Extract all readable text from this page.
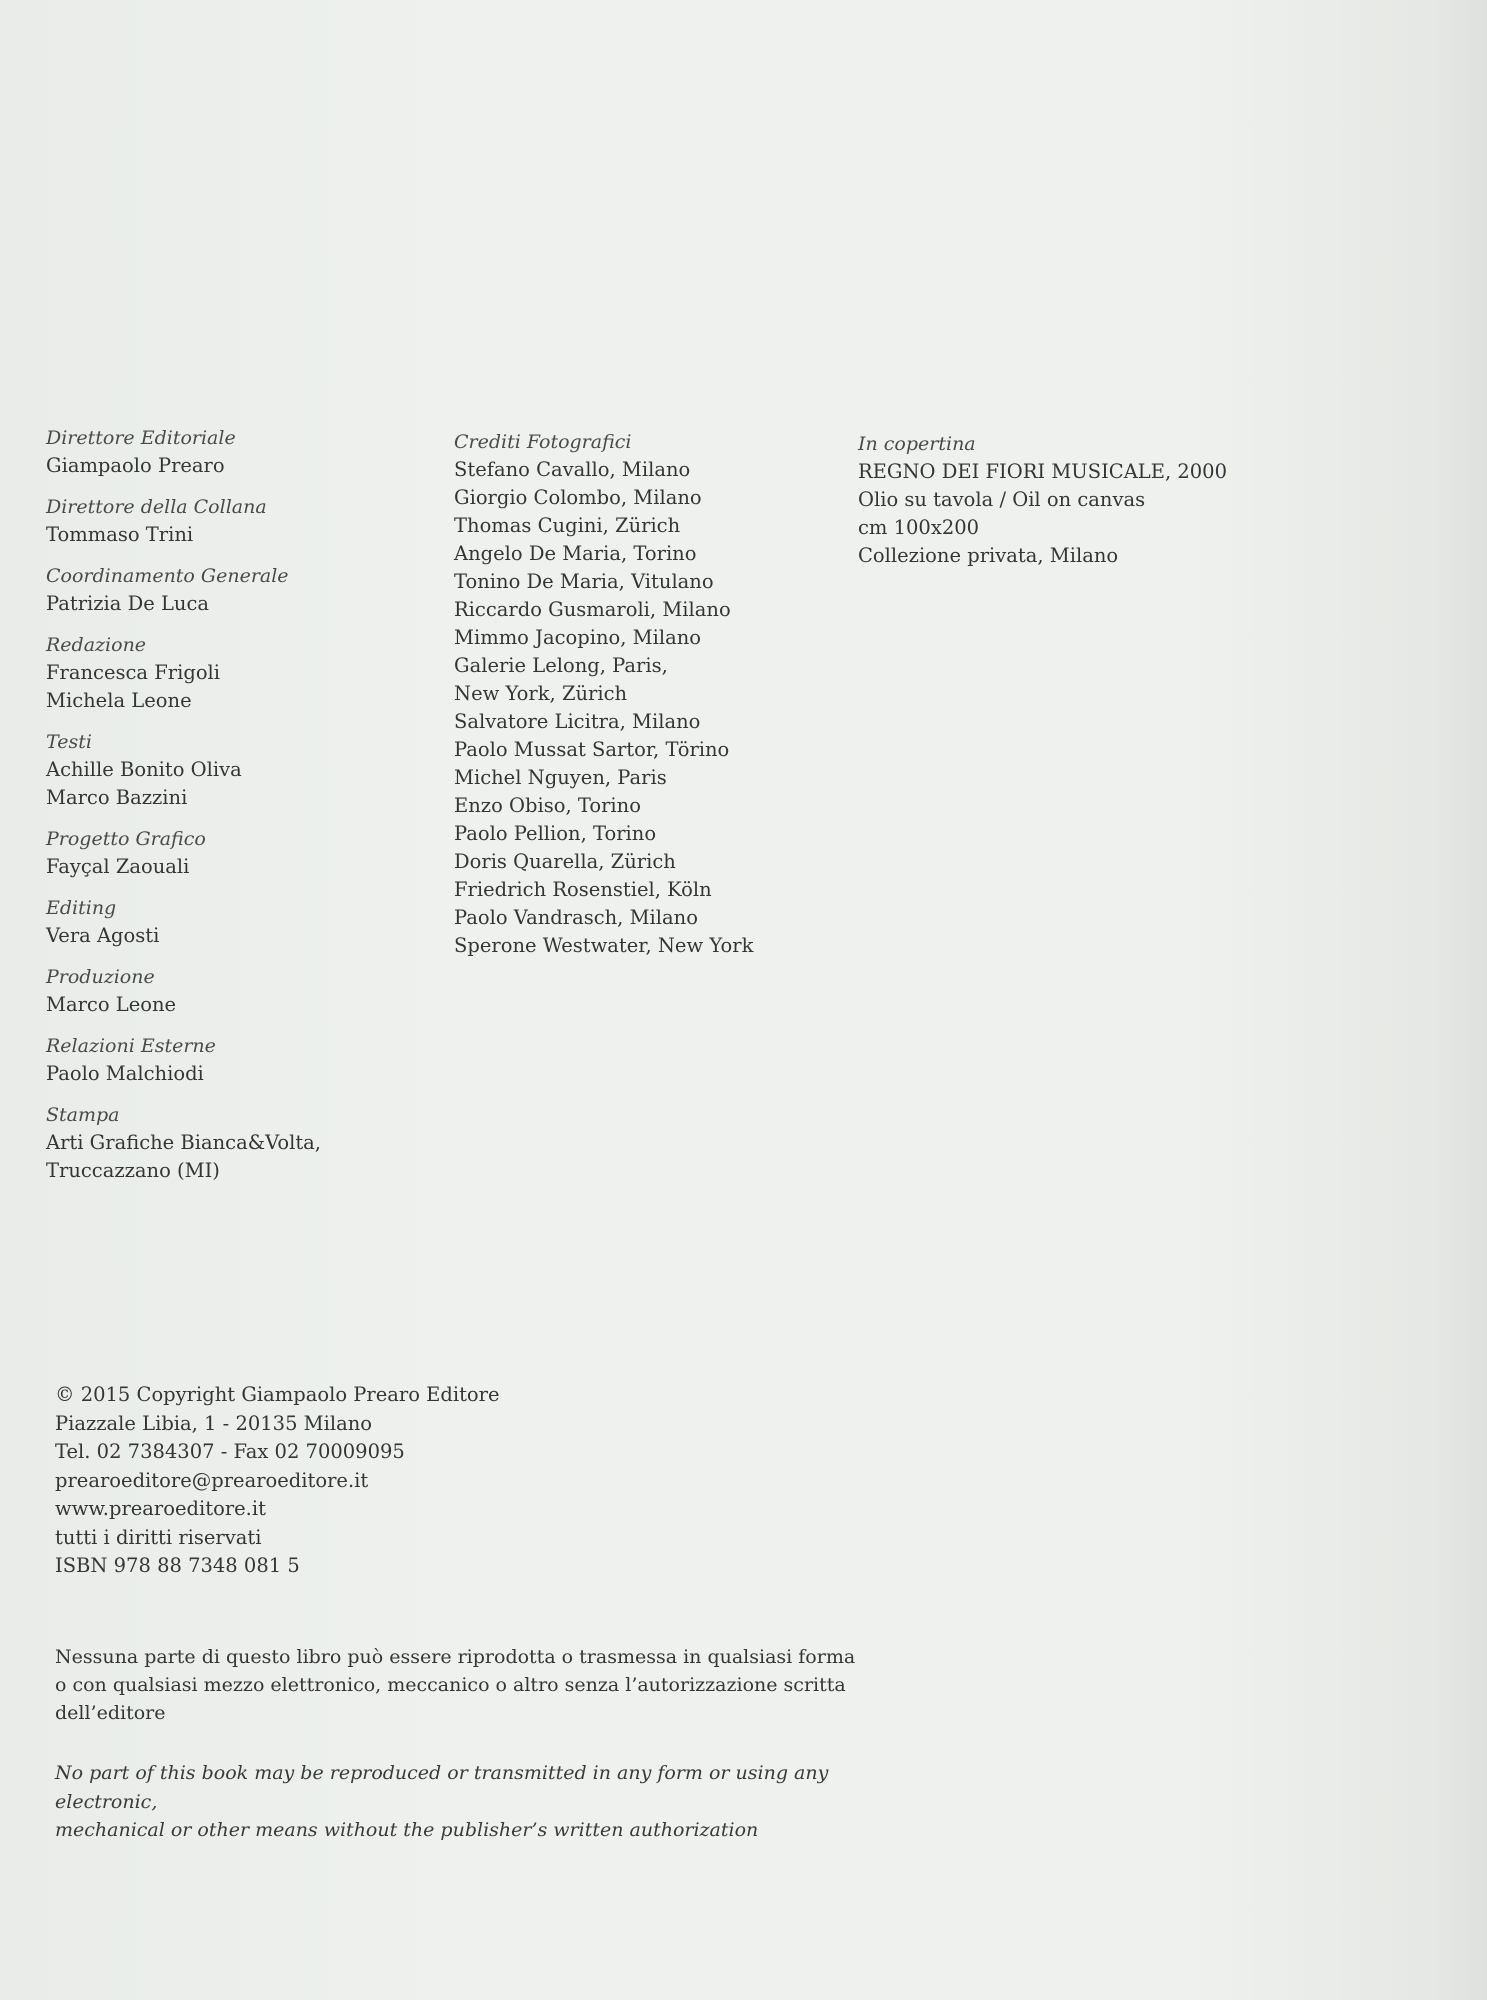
Direttore Editoriale
Giampaolo Prearo
Direttore della Collana
Tommaso Trini
Coordinamento Generale
Patrizia De Luca
Redazione
Francesca Frigoli
Michela Leone
Testi
Achille Bonito Oliva
Marco Bazzini
Progetto Grafico
Fayçal Zaouali
Editing
Vera Agosti
Produzione
Marco Leone
Relazioni Esterne
Paolo Malchiodi
Stampa
Arti Grafiche Bianca&Volta,
Truccazzano (MI)
Crediti Fotografici
Stefano Cavallo, Milano
Giorgio Colombo, Milano
Thomas Cugini, Zürich
Angelo De Maria, Torino
Tonino De Maria, Vitulano
Riccardo Gusmaroli, Milano
Mimmo Jacopino, Milano
Galerie Lelong, Paris,
New York, Zürich
Salvatore Licitra, Milano
Paolo Mussat Sartor, Törino
Michel Nguyen, Paris
Enzo Obiso, Torino
Paolo Pellion, Torino
Doris Quarella, Zürich
Friedrich Rosenstiel, Köln
Paolo Vandrasch, Milano
Sperone Westwater, New York
In copertina
REGNO DEI FIORI MUSICALE, 2000
Olio su tavola / Oil on canvas
cm 100x200
Collezione privata, Milano
© 2015 Copyright Giampaolo Prearo Editore
Piazzale Libia, 1 - 20135 Milano
Tel. 02 7384307 - Fax 02 70009095
prearoeditore@prearoeditore.it
www.prearoeditore.it
tutti i diritti riservati
ISBN 978 88 7348 081 5
Nessuna parte di questo libro può essere riprodotta o trasmessa in qualsiasi forma
o con qualsiasi mezzo elettronico, meccanico o altro senza l’autorizzazione scritta
dell’editore
No part of this book may be reproduced or transmitted in any form or using any electronic,
mechanical or other means without the publisher’s written authorization
